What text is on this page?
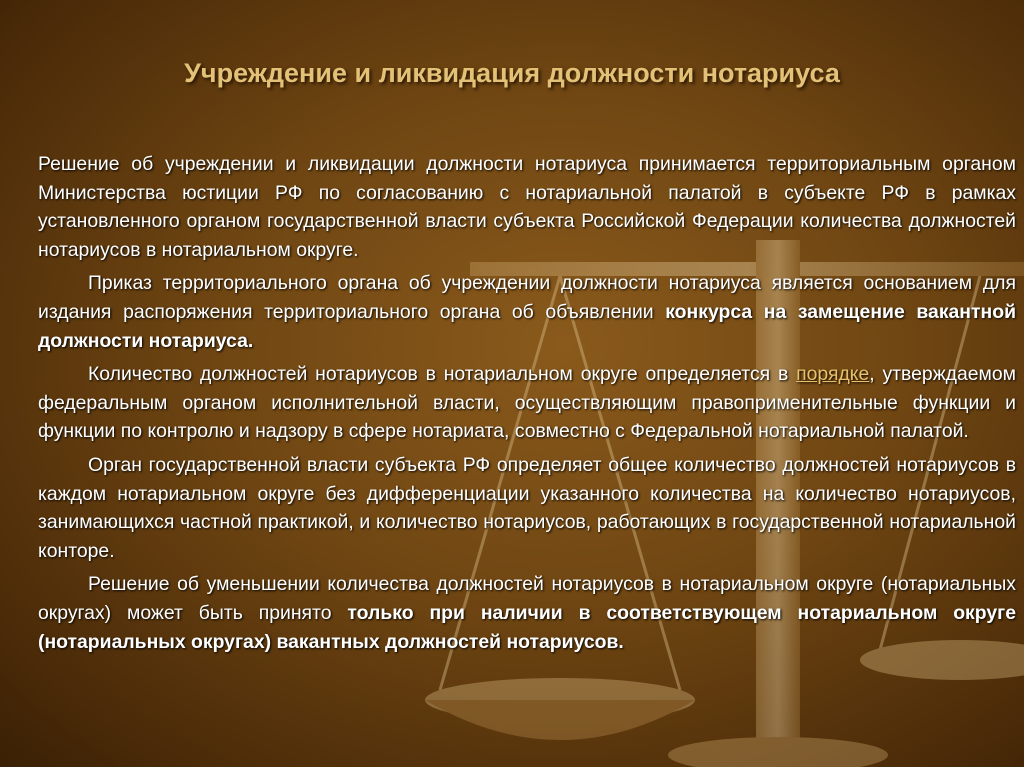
Учреждение и ликвидация должности нотариуса

Решение об учреждении и ликвидации должности нотариуса принимается территориальным органом Министерства юстиции РФ по согласованию с нотариальной палатой в субъекте РФ в рамках установленного органом государственной власти субъекта Российской Федерации количества должностей нотариусов в нотариальном округе.

Приказ территориального органа об учреждении должности нотариуса является основанием для издания распоряжения территориального органа об объявлении конкурса на замещение вакантной должности нотариуса.

Количество должностей нотариусов в нотариальном округе определяется в порядке, утверждаемом федеральным органом исполнительной власти, осуществляющим правоприменительные функции и функции по контролю и надзору в сфере нотариата, совместно с Федеральной нотариальной палатой.

Орган государственной власти субъекта РФ определяет общее количество должностей нотариусов в каждом нотариальном округе без дифференциации указанного количества на количество нотариусов, занимающихся частной практикой, и количество нотариусов, работающих в государственной нотариальной конторе.

Решение об уменьшении количества должностей нотариусов в нотариальном округе (нотариальных округах) может быть принято только при наличии в соответствующем нотариальном округе (нотариальных округах) вакантных должностей нотариусов.
